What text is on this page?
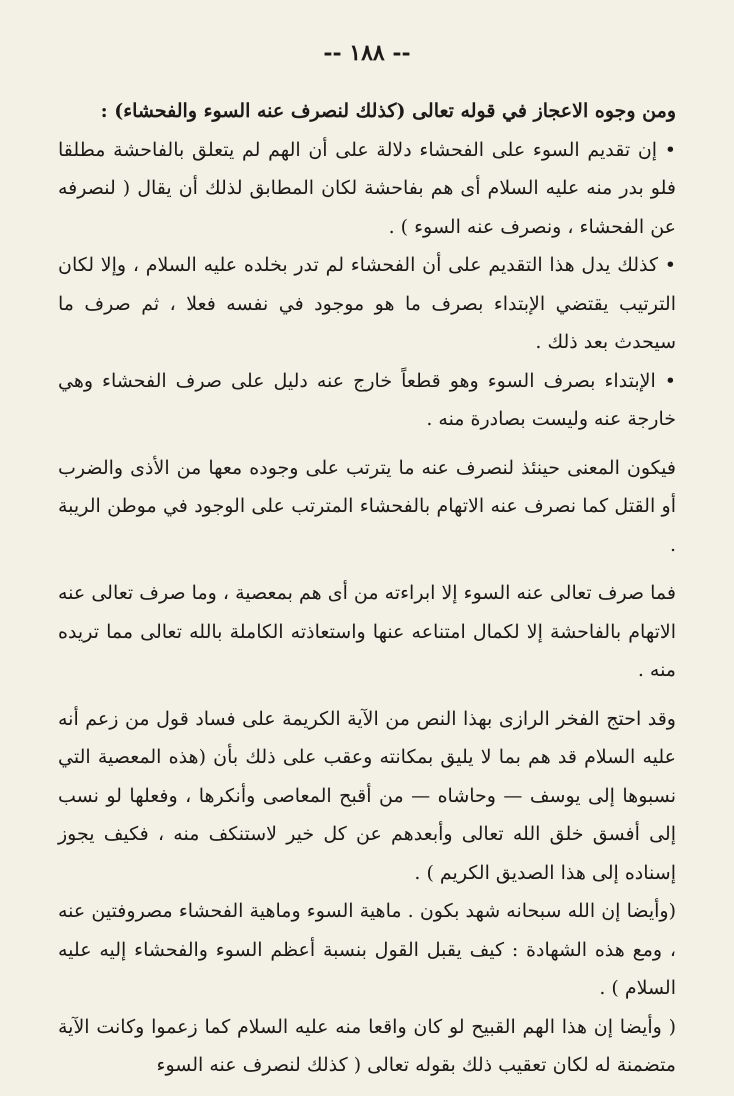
-- ١٨٨ --

ومن وجوه الاعجاز في قوله تعالى (كذلك لنصرف عنه السوء والفحشاء) :

• إن تقديم السوء على الفحشاء دلالة على أن الهم لم يتعلق بالفاحشة مطلقا فلو بدر منه عليه السلام أى هم بفاحشة لكان المطابق لذلك أن يقال ( لنصرفه عن الفحشاء ، ونصرف عنه السوء ) .

• كذلك يدل هذا التقديم على أن الفحشاء لم تدر بخلده عليه السلام ، وإلا لكان الترتيب يقتضي الإبتداء بصرف ما هو موجود في نفسه فعلا ، ثم صرف ما سيحدث بعد ذلك .

• الإبتداء بصرف السوء وهو قطعاً خارج عنه دليل على صرف الفحشاء وهي خارجة عنه وليست بصادرة منه .

فيكون المعنى حينئذ لنصرف عنه ما يترتب على وجوده معها من الأذى والضرب أو القتل كما نصرف عنه الاتهام بالفحشاء المترتب على الوجود في موطن الريبة .

فما صرف تعالى عنه السوء إلا ابراءته من أى هم بمعصية ، وما صرف تعالى عنه الاتهام بالفاحشة إلا لكمال امتناعه عنها واستعاذته الكاملة بالله تعالى مما تريده منه .

وقد احتج الفخر الرازى بهذا النص من الآية الكريمة على فساد قول من زعم أنه عليه السلام قد هم بما لا يليق بمكانته وعقب على ذلك بأن (هذه المعصية التي نسبوها إلى يوسف — وحاشاه — من أقبح المعاصى وأنكرها ، وفعلها لو نسب إلى أفسق خلق الله تعالى وأبعدهم عن كل خير لاستنكف منه ، فكيف يجوز إسناده إلى هذا الصديق الكريم ) .

(وأيضا إن الله سبحانه شهد بكون . ماهية السوء وماهية الفحشاء مصروفتين عنه ، ومع هذه الشهادة : كيف يقبل القول بنسبة أعظم السوء والفحشاء إليه عليه السلام ) .

( وأيضا إن هذا الهم القبيح لو كان واقعا منه عليه السلام كما زعموا وكانت الآية متضمنة له لكان تعقيب ذلك بقوله تعالى ( كذلك لنصرف عنه السوء
